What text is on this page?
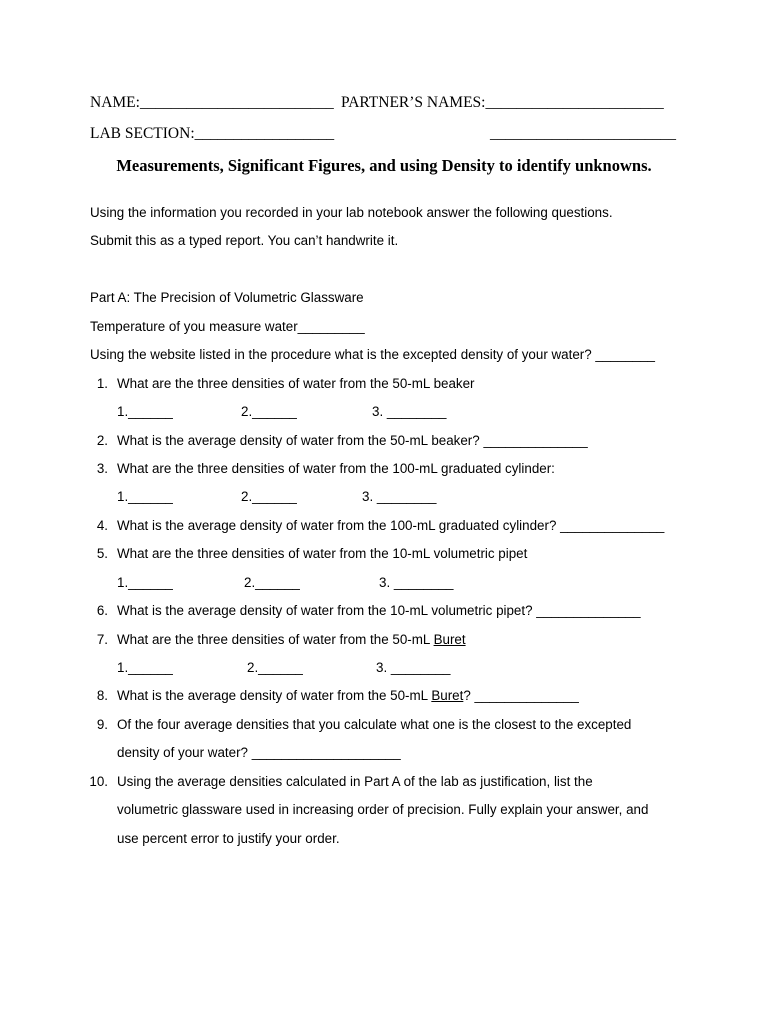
NAME:_________________________ PARTNER’S NAMES:_______________________
LAB SECTION:__________________	________________________
Measurements, Significant Figures, and using Density to identify unknowns.
Using the information you recorded in your lab notebook answer the following questions.
Submit this as a typed report. You can’t handwrite it.
Part A: The Precision of Volumetric Glassware
Temperature of you measure water_________
Using the website listed in the procedure what is the excepted density of your water? ________
1. What are the three densities of water from the 50-mL beaker
1.______	2.______	3. ________
2. What is the average density of water from the 50-mL beaker? ______________
3. What are the three densities of water from the 100-mL graduated cylinder:
1.______	2.______	3. ________
4. What is the average density of water from the 100-mL graduated cylinder? ______________
5. What are the three densities of water from the 10-mL volumetric pipet
1.______	2.______	3. ________
6. What is the average density of water from the 10-mL volumetric pipet? ______________
7. What are the three densities of water from the 50-mL Buret
1.______	2.______	3. ________
8. What is the average density of water from the 50-mL Buret? ______________
9. Of the four average densities that you calculate what one is the closest to the excepted
density of your water? ____________________
10. Using the average densities calculated in Part A of the lab as justification, list the
volumetric glassware used in increasing order of precision. Fully explain your answer, and
use percent error to justify your order.
